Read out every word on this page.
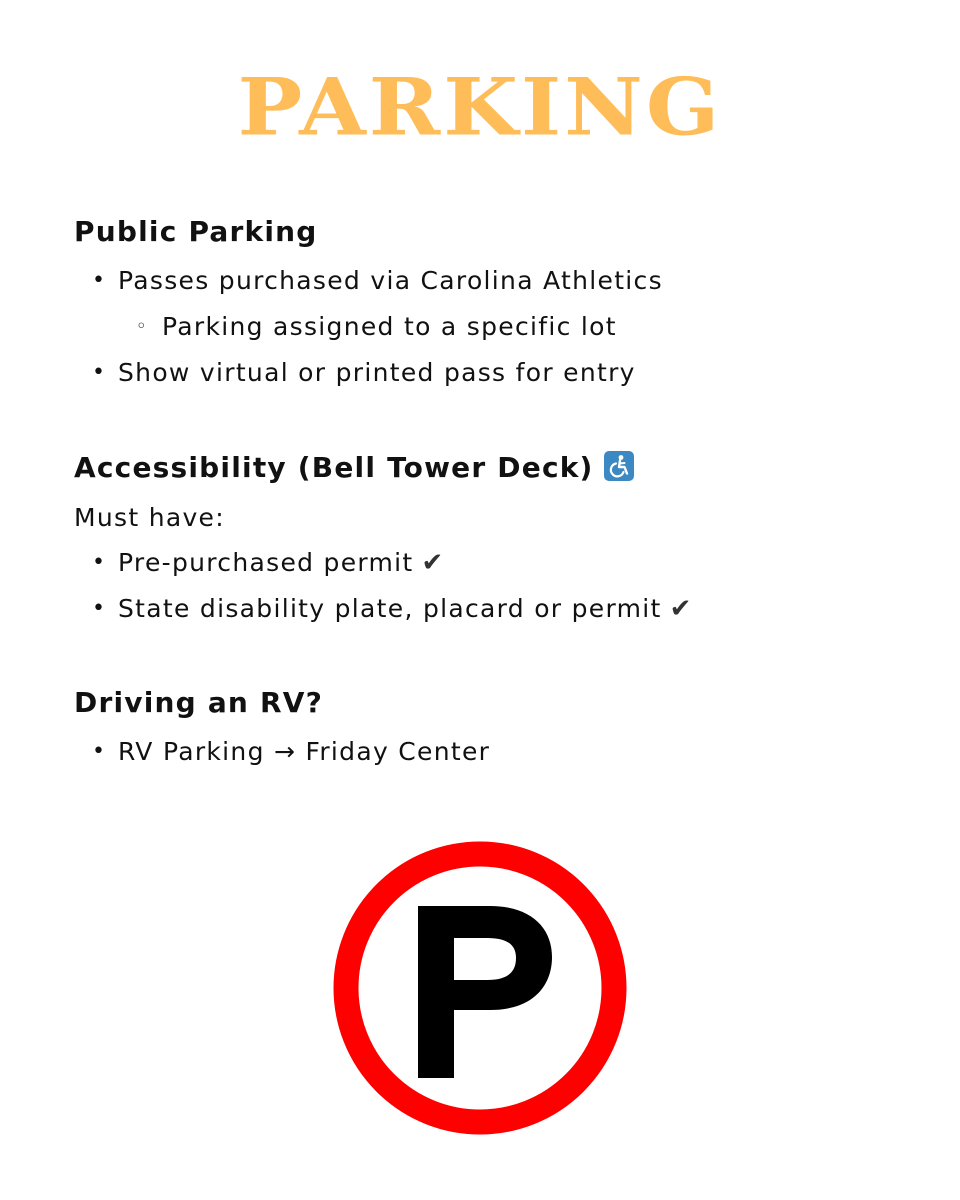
PARKING
Public Parking
• Passes purchased via Carolina Athletics
◦ Parking assigned to a specific lot
• Show virtual or printed pass for entry
Accessibility (Bell Tower Deck)
Must have:
• Pre-purchased permit ✔
• State disability plate, placard or permit ✔
Driving an RV?
• RV Parking → Friday Center
